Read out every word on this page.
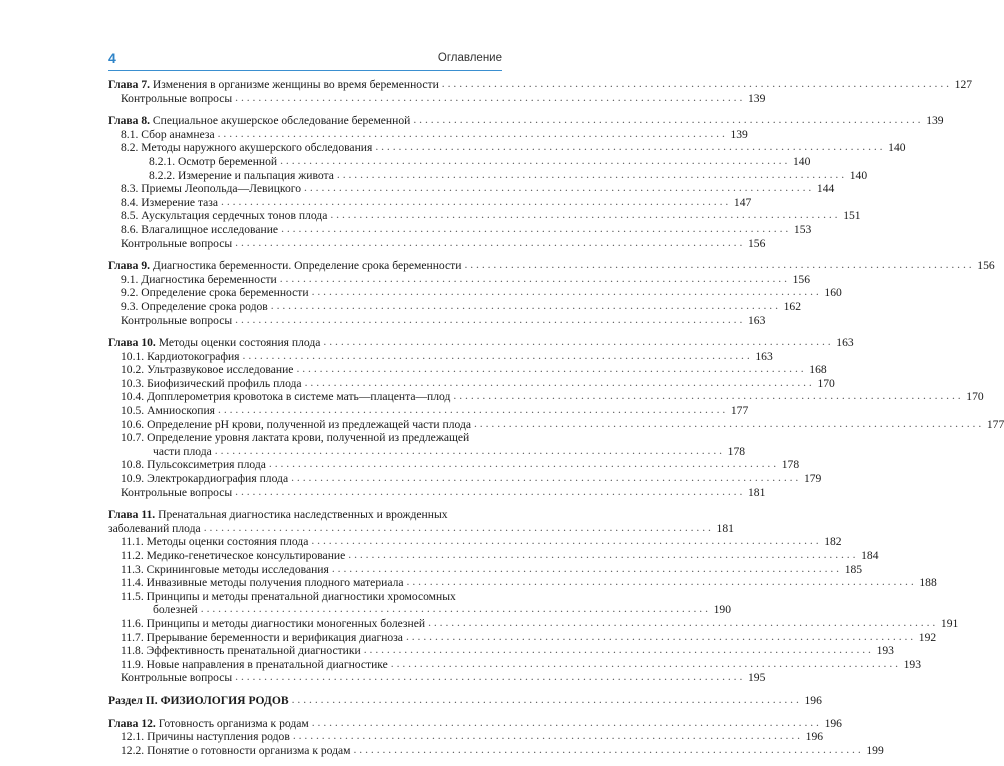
4	Оглавление
Глава 7. Изменения в организме женщины во время беременности . . .	127
Контрольные вопросы . . .	139
Глава 8. Специальное акушерское обследование беременной . . .	139
8.1. Сбор анамнеза . . .	139
8.2. Методы наружного акушерского обследования . . .	140
8.2.1. Осмотр беременной . . .	140
8.2.2. Измерение и пальпация живота . . .	140
8.3. Приемы Леопольда—Левицкого . . .	144
8.4. Измерение таза . . .	147
8.5. Аускультация сердечных тонов плода . . .	151
8.6. Влагалищное исследование . . .	153
Контрольные вопросы . . .	156
Глава 9. Диагностика беременности. Определение срока беременности . . .	156
9.1. Диагностика беременности . . .	156
9.2. Определение срока беременности . . .	160
9.3. Определение срока родов . . .	162
Контрольные вопросы . . .	163
Глава 10. Методы оценки состояния плода . . .	163
10.1. Кардиотокография . . .	163
10.2. Ультразвуковое исследование . . .	168
10.3. Биофизический профиль плода . . .	170
10.4. Допплерометрия кровотока в системе мать—плацента—плод . . .	170
10.5. Амниоскопия . . .	177
10.6. Определение рН крови, полученной из предлежащей части плода . . .	177
10.7. Определение уровня лактата крови, полученной из предлежащей
части плода . . .	178
10.8. Пульсоксиметрия плода . . .	178
10.9. Электрокардиография плода . . .	179
Контрольные вопросы . . .	181
Глава 11. Пренатальная диагностика наследственных и врожденных
заболеваний плода . . .	181
11.1. Методы оценки состояния плода . . .	182
11.2. Медико-генетическое консультирование . . .	184
11.3. Скрининговые методы исследования . . .	185
11.4. Инвазивные методы получения плодного материала . . .	188
11.5. Принципы и методы пренатальной диагностики хромосомных
болезней . . .	190
11.6. Принципы и методы диагностики моногенных болезней . . .	191
11.7. Прерывание беременности и верификация диагноза . . .	192
11.8. Эффективность пренатальной диагностики . . .	193
11.9. Новые направления в пренатальной диагностике . . .	193
Контрольные вопросы . . .	195
Раздел II. ФИЗИОЛОГИЯ РОДОВ . . .	196
Глава 12. Готовность организма к родам . . .	196
12.1. Причины наступления родов . . .	196
12.2. Понятие о готовности организма к родам . . .	199
